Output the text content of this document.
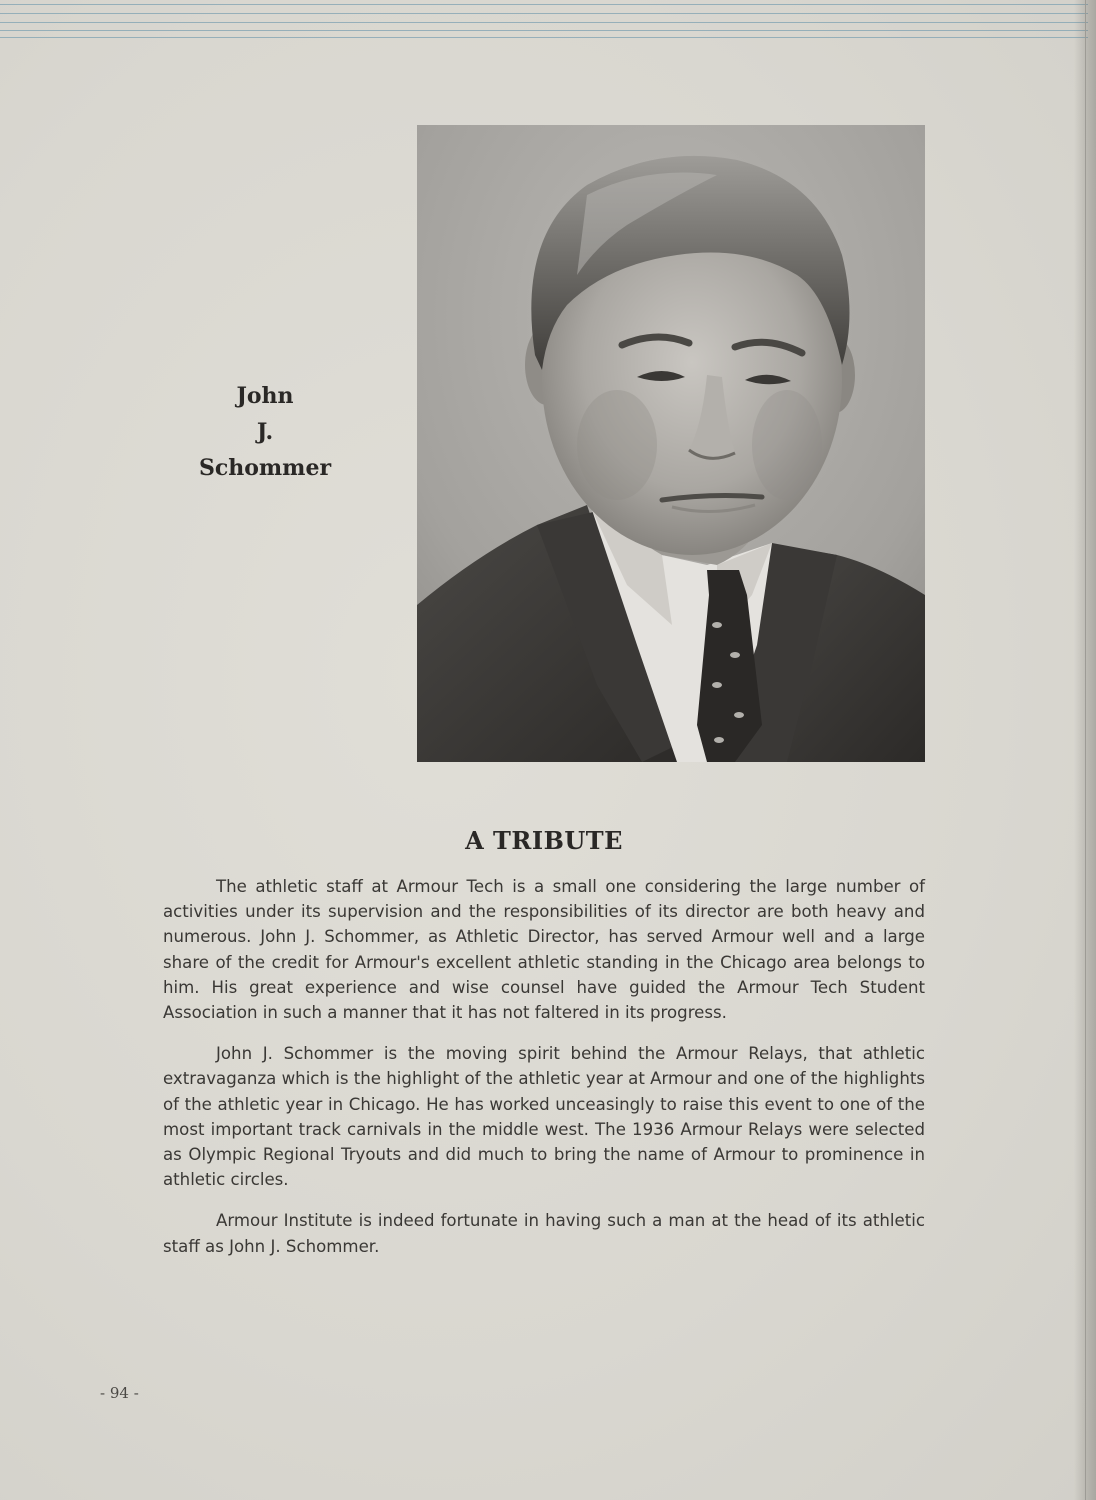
John
J.
Schommer
A TRIBUTE

The athletic staff at Armour Tech is a small one considering the large number of activities under its supervision and the responsibilities of its director are both heavy and numerous. John J. Schommer, as Athletic Director, has served Armour well and a large share of the credit for Armour's excellent athletic standing in the Chicago area belongs to him. His great experience and wise counsel have guided the Armour Tech Student Association in such a manner that it has not faltered in its progress.

John J. Schommer is the moving spirit behind the Armour Relays, that athletic extravaganza which is the highlight of the athletic year at Armour and one of the highlights of the athletic year in Chicago. He has worked unceasingly to raise this event to one of the most important track carnivals in the middle west. The 1936 Armour Relays were selected as Olympic Regional Tryouts and did much to bring the name of Armour to prominence in athletic circles.

Armour Institute is indeed fortunate in having such a man at the head of its athletic staff as John J. Schommer.

- 94 -
